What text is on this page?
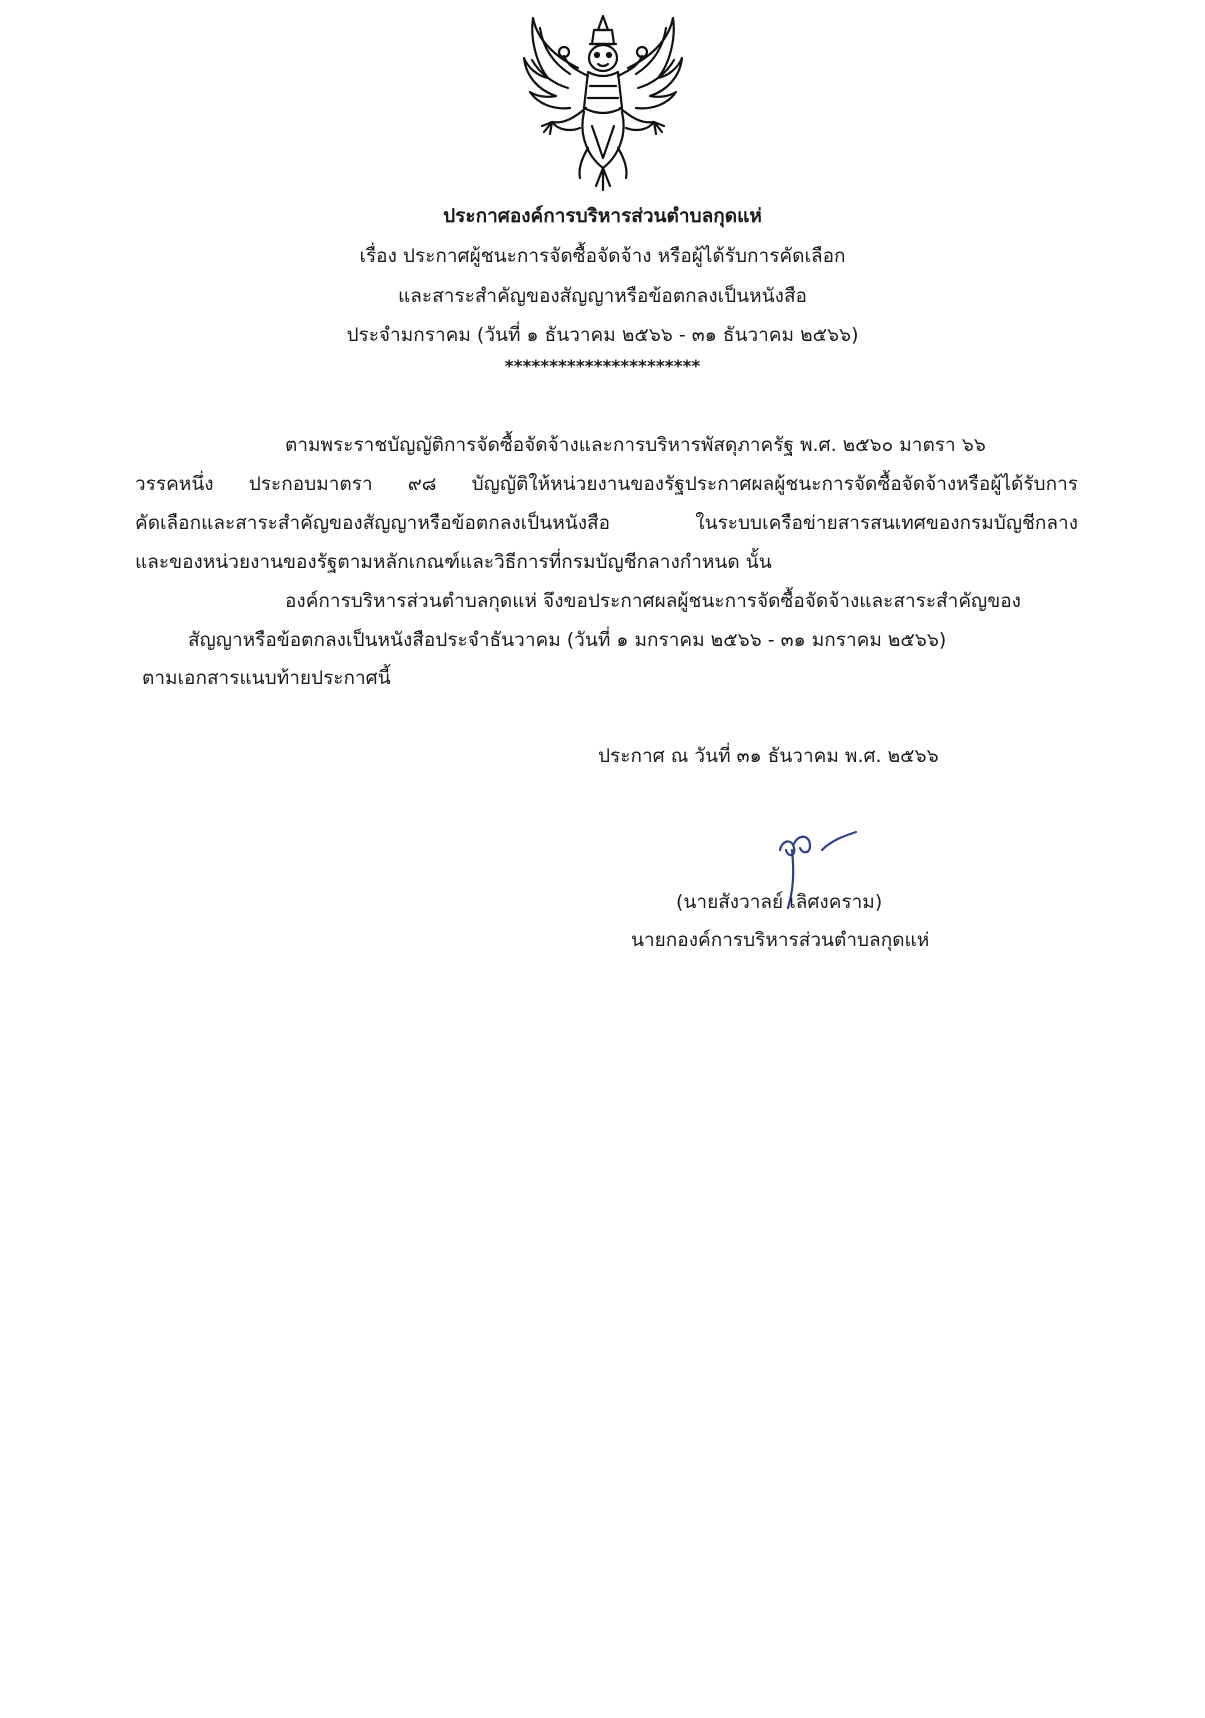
ประกาศองค์การบริหารส่วนตำบลกุดแห่
เรื่อง ประกาศผู้ชนะการจัดซื้อจัดจ้าง หรือผู้ได้รับการคัดเลือก
และสาระสำคัญของสัญญาหรือข้อตกลงเป็นหนังสือ
ประจำมกราคม (วันที่ ๑ ธันวาคม ๒๕๖๖ - ๓๑ ธันวาคม ๒๕๖๖)
**********************
ตามพระราชบัญญัติการจัดซื้อจัดจ้างและการบริหารพัสดุภาครัฐ พ.ศ. ๒๕๖๐ มาตรา ๖๖
วรรคหนึ่ง ประกอบมาตรา ๙๘ บัญญัติให้หน่วยงานของรัฐประกาศผลผู้ชนะการจัดซื้อจัดจ้างหรือผู้ได้รับการ
คัดเลือกและสาระสำคัญของสัญญาหรือข้อตกลงเป็นหนังสือ ในระบบเครือข่ายสารสนเทศของกรมบัญชีกลาง
และของหน่วยงานของรัฐตามหลักเกณฑ์และวิธีการที่กรมบัญชีกลางกำหนด นั้น
องค์การบริหารส่วนตำบลกุดแห่ จึงขอประกาศผลผู้ชนะการจัดซื้อจัดจ้างและสาระสำคัญของ
สัญญาหรือข้อตกลงเป็นหนังสือประจำธันวาคม (วันที่ ๑ มกราคม ๒๕๖๖ - ๓๑ มกราคม ๒๕๖๖)
ตามเอกสารแนบท้ายประกาศนี้
ประกาศ ณ วันที่ ๓๑ ธันวาคม พ.ศ. ๒๕๖๖
(นายสังวาลย์ เลิศงคราม)
นายกองค์การบริหารส่วนตำบลกุดแห่
